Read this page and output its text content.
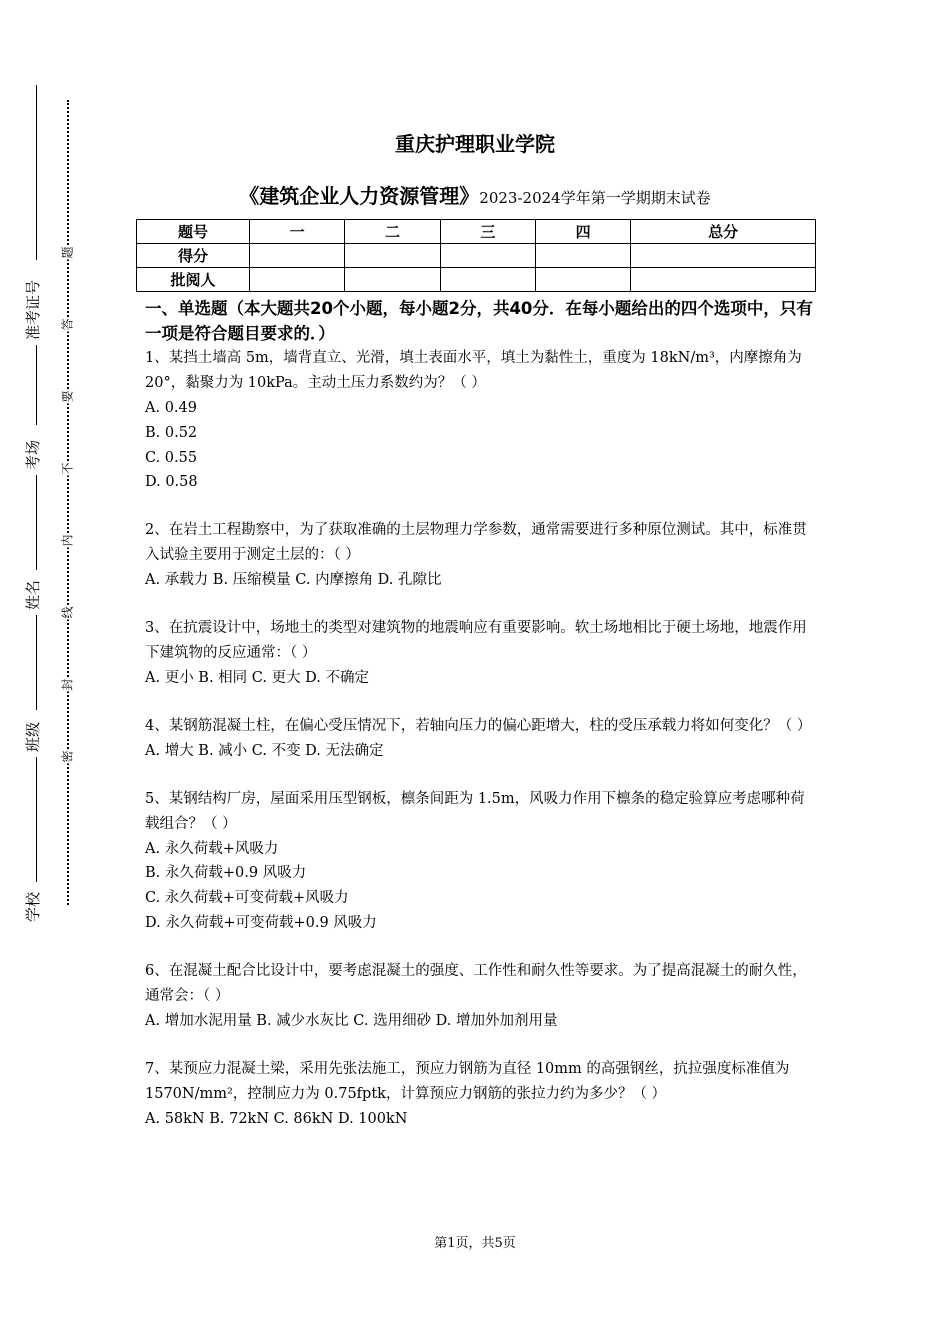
准考证号
考场
姓名
班级
学校
题
答
要
不
内
线
封
密
重庆护理职业学院
《建筑企业人力资源管理》2023-2024学年第一学期期末试卷
题号	一	二	三	四	总分
得分					
批阅人					
一、单选题（本大题共20个小题，每小题2分，共40分．在每小题给出的四个选项中，只有一项是符合题目要求的．）
1、某挡土墙高 5m，墙背直立、光滑，填土表面水平，填土为黏性土，重度为 18kN/m³，内摩擦角为 20°，黏聚力为 10kPa。主动土压力系数约为？（ ）
A. 0.49
B. 0.52
C. 0.55
D. 0.58
2、在岩土工程勘察中，为了获取准确的土层物理力学参数，通常需要进行多种原位测试。其中，标准贯入试验主要用于测定土层的：（ ）
A. 承载力 B. 压缩模量 C. 内摩擦角 D. 孔隙比
3、在抗震设计中，场地土的类型对建筑物的地震响应有重要影响。软土场地相比于硬土场地，地震作用下建筑物的反应通常：（ ）
A. 更小 B. 相同 C. 更大 D. 不确定
4、某钢筋混凝土柱，在偏心受压情况下，若轴向压力的偏心距增大，柱的受压承载力将如何变化？（ ）
A. 增大 B. 减小 C. 不变 D. 无法确定
5、某钢结构厂房，屋面采用压型钢板，檩条间距为 1.5m，风吸力作用下檩条的稳定验算应考虑哪种荷载组合？（ ）
A. 永久荷载+风吸力
B. 永久荷载+0.9 风吸力
C. 永久荷载+可变荷载+风吸力
D. 永久荷载+可变荷载+0.9 风吸力
6、在混凝土配合比设计中，要考虑混凝土的强度、工作性和耐久性等要求。为了提高混凝土的耐久性，通常会：（ ）
A. 增加水泥用量 B. 减少水灰比 C. 选用细砂 D. 增加外加剂用量
7、某预应力混凝土梁，采用先张法施工，预应力钢筋为直径 10mm 的高强钢丝，抗拉强度标准值为 1570N/mm²，控制应力为 0.75fptk，计算预应力钢筋的张拉力约为多少？（ ）
A. 58kN B. 72kN C. 86kN D. 100kN
第1页，共5页
